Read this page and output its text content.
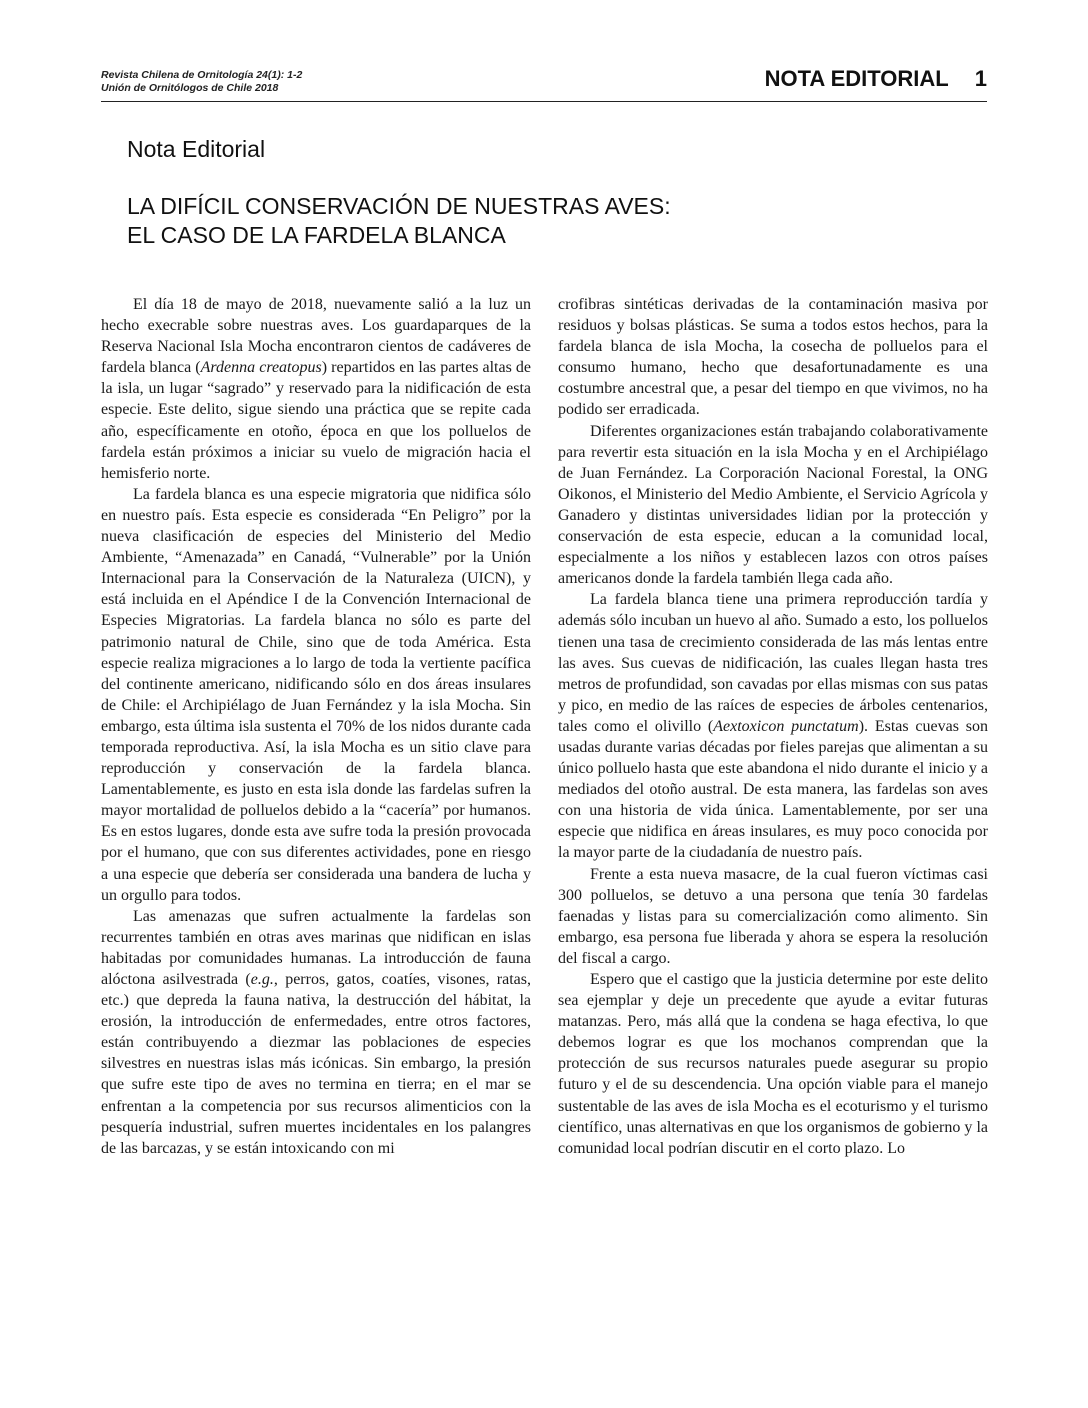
Revista Chilena de Ornitología 24(1): 1-2
Unión de Ornitólogos de Chile 2018	NOTA EDITORIAL 1
Nota Editorial
LA DIFÍCIL CONSERVACIÓN DE NUESTRAS AVES:
EL CASO DE LA FARDELA BLANCA

El día 18 de mayo de 2018, nuevamente salió a la luz un hecho execrable sobre nuestras aves. Los guardaparques de la Reserva Nacional Isla Mocha encontraron cientos de cadáveres de fardela blanca (Ardenna creatopus) repartidos en las partes altas de la isla, un lugar “sagrado” y reservado para la nidificación de esta especie. Este delito, sigue siendo una práctica que se repite cada año, específicamente en otoño, época en que los polluelos de fardela están próximos a iniciar su vuelo de migración hacia el hemisferio norte.

La fardela blanca es una especie migratoria que nidifica sólo en nuestro país. Esta especie es considerada “En Peligro” por la nueva clasificación de especies del Ministerio del Medio Ambiente, “Amenazada” en Canadá, “Vulnerable” por la Unión Internacional para la Conservación de la Naturaleza (UICN), y está incluida en el Apéndice I de la Convención Internacional de Especies Migratorias. La fardela blanca no sólo es parte del patrimonio natural de Chile, sino que de toda América. Esta especie realiza migraciones a lo largo de toda la vertiente pacífica del continente americano, nidificando sólo en dos áreas insulares de Chile: el Archipiélago de Juan Fernández y la isla Mocha. Sin embargo, esta última isla sustenta el 70% de los nidos durante cada temporada reproductiva. Así, la isla Mocha es un sitio clave para reproducción y conservación de la fardela blanca. Lamentablemente, es justo en esta isla donde las fardelas sufren la mayor mortalidad de polluelos debido a la “cacería” por humanos. Es en estos lugares, donde esta ave sufre toda la presión provocada por el humano, que con sus diferentes actividades, pone en riesgo a una especie que debería ser considerada una bandera de lucha y un orgullo para todos.

Las amenazas que sufren actualmente la fardelas son recurrentes también en otras aves marinas que nidifican en islas habitadas por comunidades humanas. La introducción de fauna alóctona asilvestrada (e.g., perros, gatos, coatíes, visones, ratas, etc.) que depreda la fauna nativa, la destrucción del hábitat, la erosión, la introducción de enfermedades, entre otros factores, están contribuyendo a diezmar las poblaciones de especies silvestres en nuestras islas más icónicas. Sin embargo, la presión que sufre este tipo de aves no termina en tierra; en el mar se enfrentan a la competencia por sus recursos alimenticios con la pesquería industrial, sufren muertes incidentales en los palangres de las barcazas, y se están intoxicando con mi

crofibras sintéticas derivadas de la contaminación masiva por residuos y bolsas plásticas. Se suma a todos estos hechos, para la fardela blanca de isla Mocha, la cosecha de polluelos para el consumo humano, hecho que desafortunadamente es una costumbre ancestral que, a pesar del tiempo en que vivimos, no ha podido ser erradicada.

Diferentes organizaciones están trabajando colaborativamente para revertir esta situación en la isla Mocha y en el Archipiélago de Juan Fernández. La Corporación Nacional Forestal, la ONG Oikonos, el Ministerio del Medio Ambiente, el Servicio Agrícola y Ganadero y distintas universidades lidian por la protección y conservación de esta especie, educan a la comunidad local, especialmente a los niños y establecen lazos con otros países americanos donde la fardela también llega cada año.

La fardela blanca tiene una primera reproducción tardía y además sólo incuban un huevo al año. Sumado a esto, los polluelos tienen una tasa de crecimiento considerada de las más lentas entre las aves. Sus cuevas de nidificación, las cuales llegan hasta tres metros de profundidad, son cavadas por ellas mismas con sus patas y pico, en medio de las raíces de especies de árboles centenarios, tales como el olivillo (Aextoxicon punctatum). Estas cuevas son usadas durante varias décadas por fieles parejas que alimentan a su único polluelo hasta que este abandona el nido durante el inicio y a mediados del otoño austral. De esta manera, las fardelas son aves con una historia de vida única. Lamentablemente, por ser una especie que nidifica en áreas insulares, es muy poco conocida por la mayor parte de la ciudadanía de nuestro país.

Frente a esta nueva masacre, de la cual fueron víctimas casi 300 polluelos, se detuvo a una persona que tenía 30 fardelas faenadas y listas para su comercialización como alimento. Sin embargo, esa persona fue liberada y ahora se espera la resolución del fiscal a cargo.

Espero que el castigo que la justicia determine por este delito sea ejemplar y deje un precedente que ayude a evitar futuras matanzas. Pero, más allá que la condena se haga efectiva, lo que debemos lograr es que los mochanos comprendan que la protección de sus recursos naturales puede asegurar su propio futuro y el de su descendencia. Una opción viable para el manejo sustentable de las aves de isla Mocha es el ecoturismo y el turismo científico, unas alternativas en que los organismos de gobierno y la comunidad local podrían discutir en el corto plazo. Lo
